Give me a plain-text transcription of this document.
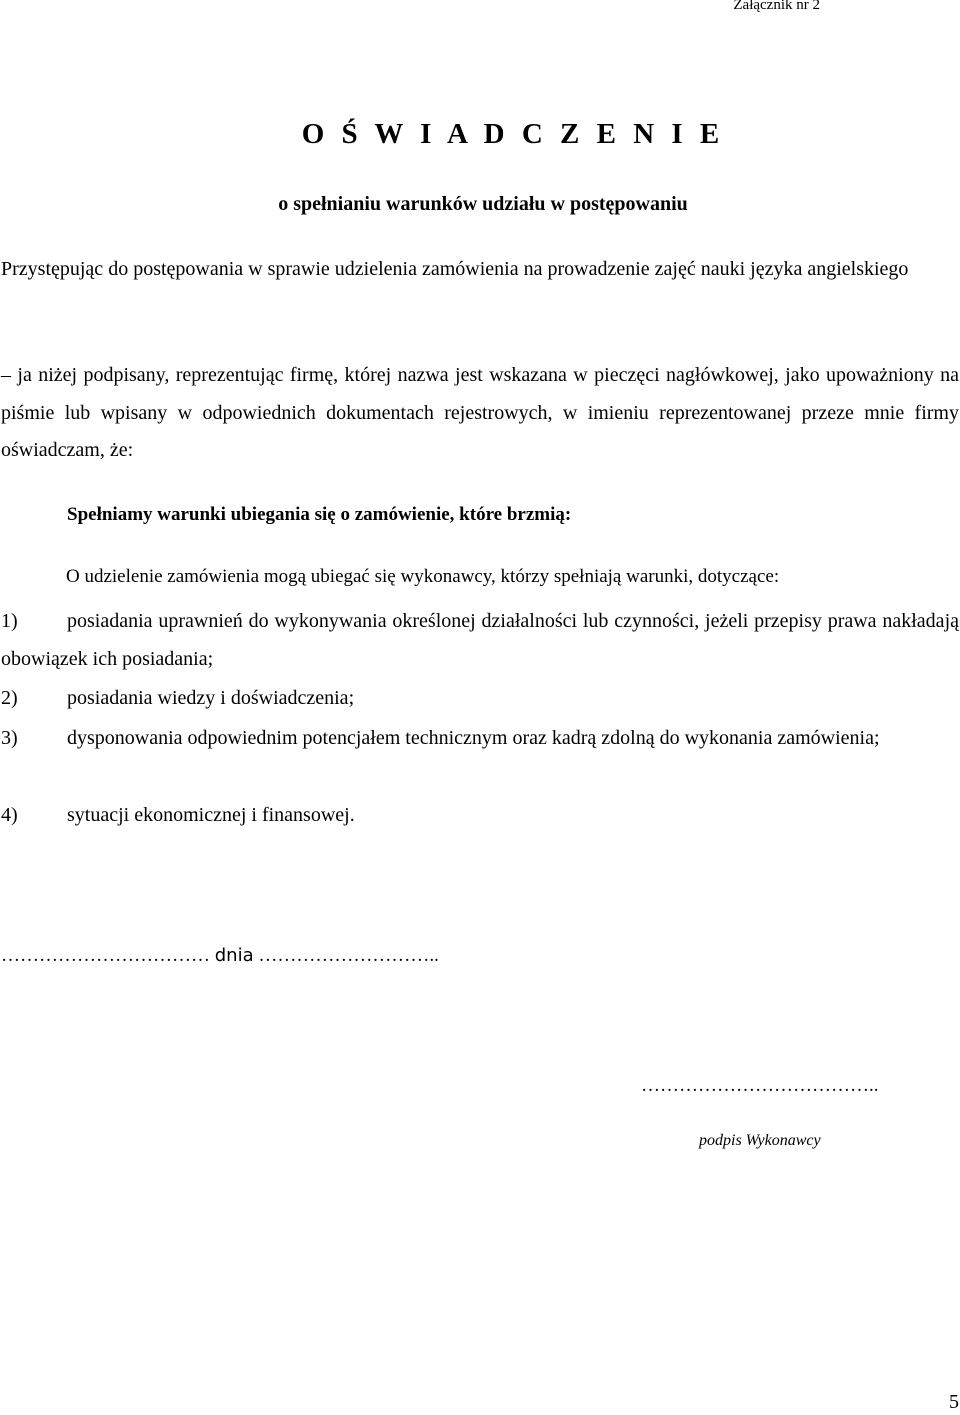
Załącznik nr 2
O Ś W I A D C Z E N I E
o spełnianiu warunków udziału w postępowaniu
Przystępując do postępowania w sprawie udzielenia zamówienia na prowadzenie zajęć nauki języka angielskiego
– ja niżej podpisany, reprezentując firmę, której nazwa jest wskazana w pieczęci nagłówkowej, jako upoważniony na piśmie lub wpisany w odpowiednich dokumentach rejestrowych, w imieniu reprezentowanej przeze mnie firmy oświadczam, że:
Spełniamy warunki ubiegania się o zamówienie, które brzmią:
O udzielenie zamówienia mogą ubiegać się wykonawcy, którzy spełniają warunki, dotyczące:
1) posiadania uprawnień do wykonywania określonej działalności lub czynności, jeżeli przepisy prawa nakładają obowiązek ich posiadania;
2) posiadania wiedzy i doświadczenia;
3) dysponowania odpowiednim potencjałem technicznym oraz kadrą zdolną do wykonania zamówienia;
4) sytuacji ekonomicznej i finansowej.
…………………………… dnia ………………………..
………………………………..
podpis Wykonawcy
5
